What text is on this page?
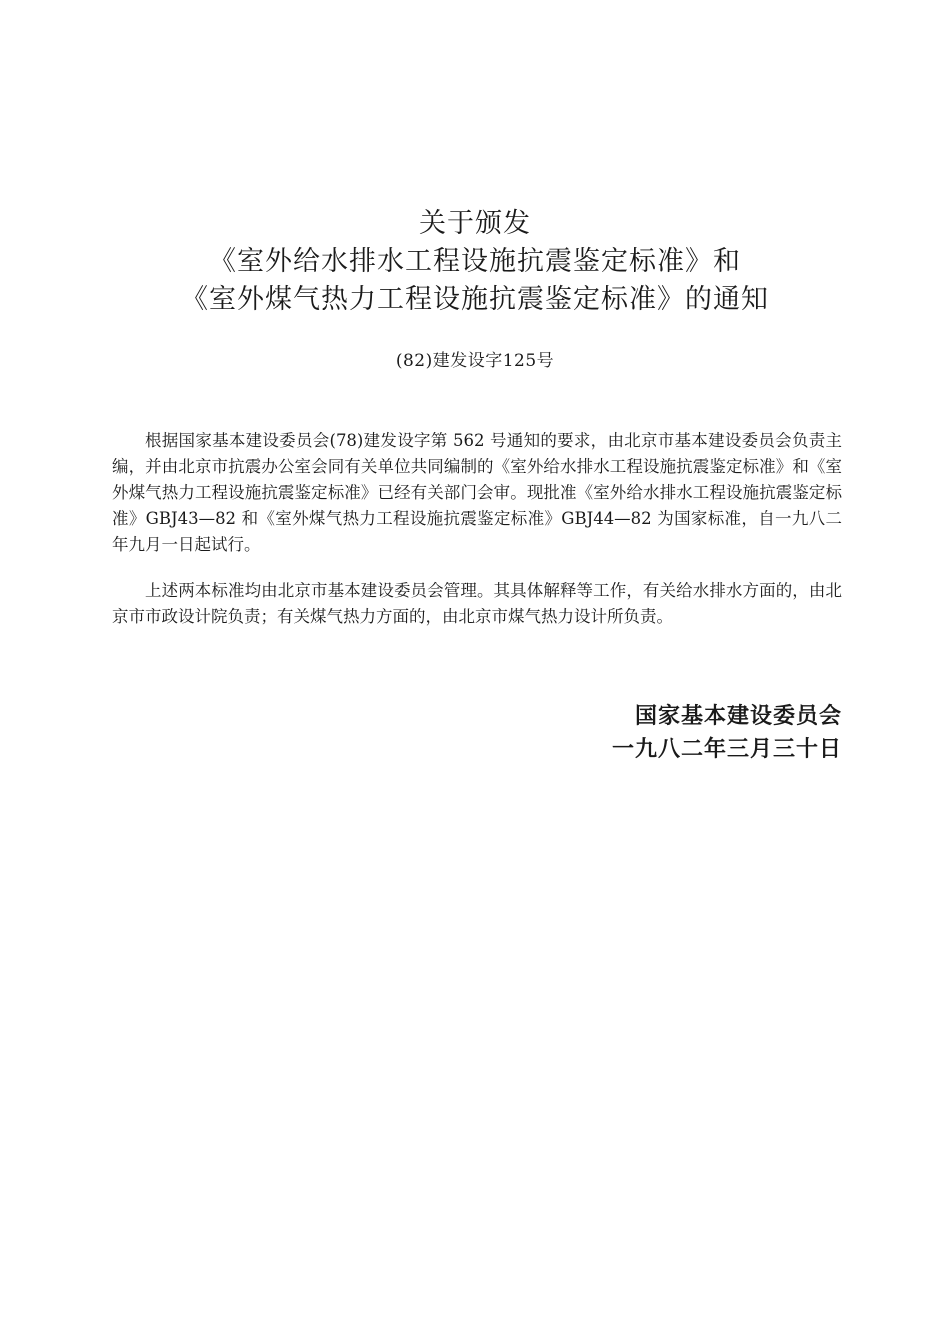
关于颁发
《室外给水排水工程设施抗震鉴定标准》和
《室外煤气热力工程设施抗震鉴定标准》的通知
(82)建发设字125号

根据国家基本建设委员会(78)建发设字第 562 号通知的要求，由北京市基本建设委员会负责主编，并由北京市抗震办公室会同有关单位共同编制的《室外给水排水工程设施抗震鉴定标准》和《室外煤气热力工程设施抗震鉴定标准》已经有关部门会审。现批准《室外给水排水工程设施抗震鉴定标准》GBJ43—82 和《室外煤气热力工程设施抗震鉴定标准》GBJ44—82 为国家标准，自一九八二年九月一日起试行。

上述两本标准均由北京市基本建设委员会管理。其具体解释等工作，有关给水排水方面的，由北京市市政设计院负责；有关煤气热力方面的，由北京市煤气热力设计所负责。

国家基本建设委员会
一九八二年三月三十日
